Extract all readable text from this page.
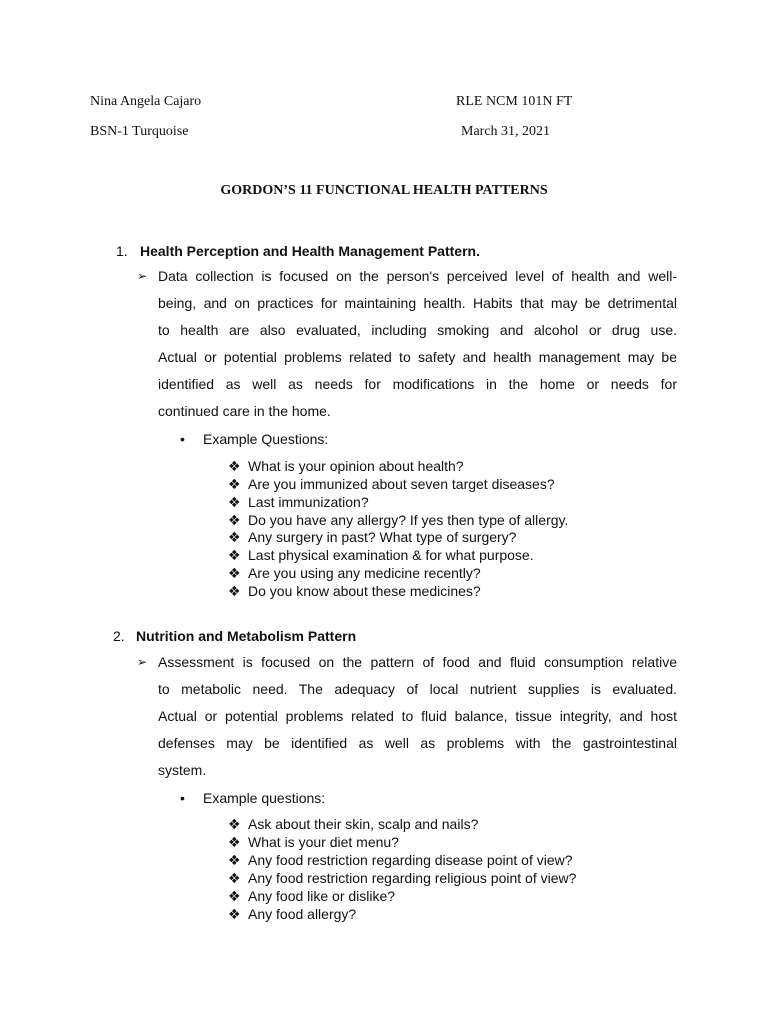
Nina Angela Cajaro	RLE NCM 101N FT
BSN-1 Turquoise	March 31, 2021
GORDON’S 11 FUNCTIONAL HEALTH PATTERNS
1. Health Perception and Health Management Pattern.
➢ Data collection is focused on the person's perceived level of health and well-
being, and on practices for maintaining health. Habits that may be detrimental
to health are also evaluated, including smoking and alcohol or drug use.
Actual or potential problems related to safety and health management may be
identified as well as needs for modifications in the home or needs for
continued care in the home.
• Example Questions:
❖ What is your opinion about health?
❖ Are you immunized about seven target diseases?
❖ Last immunization?
❖ Do you have any allergy? If yes then type of allergy.
❖ Any surgery in past? What type of surgery?
❖ Last physical examination & for what purpose.
❖ Are you using any medicine recently?
❖ Do you know about these medicines?
2. Nutrition and Metabolism Pattern
➢ Assessment is focused on the pattern of food and fluid consumption relative
to metabolic need. The adequacy of local nutrient supplies is evaluated.
Actual or potential problems related to fluid balance, tissue integrity, and host
defenses may be identified as well as problems with the gastrointestinal
system.
• Example questions:
❖ Ask about their skin, scalp and nails?
❖ What is your diet menu?
❖ Any food restriction regarding disease point of view?
❖ Any food restriction regarding religious point of view?
❖ Any food like or dislike?
❖ Any food allergy?
